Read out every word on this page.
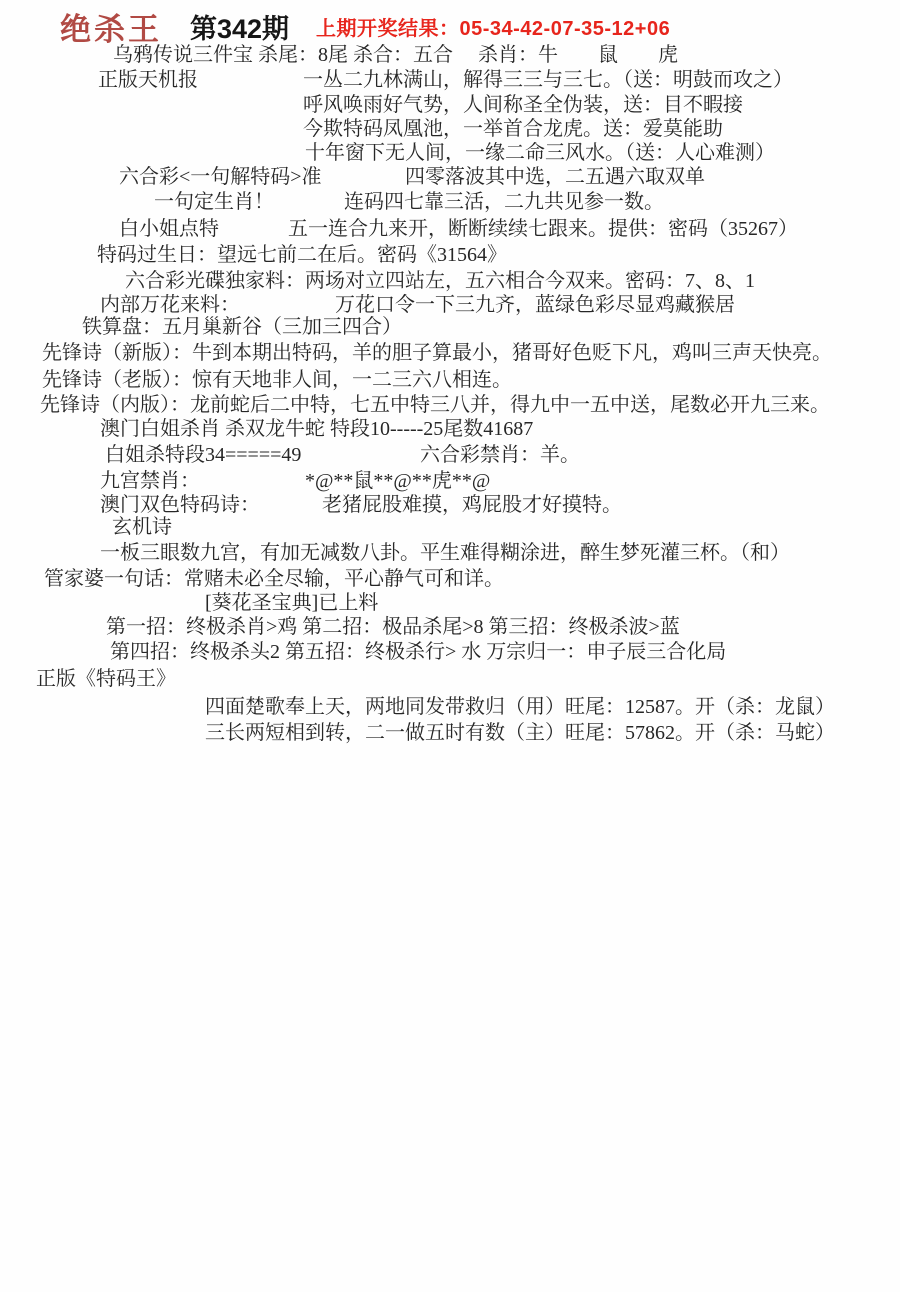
绝杀王 第342期 上期开奖结果：05-34-42-07-35-12+06
乌鸦传说三件宝 杀尾：8尾 杀合：五合　 杀肖：牛　　鼠　　虎
正版天机报	一丛二九林满山，解得三三与三七。（送：明鼓而攻之）
呼风唤雨好气势，人间称圣全伪装，送：目不暇接
今欺特码凤凰池，一举首合龙虎。送：爱莫能助
十年窗下无人间，一缘二命三风水。（送：人心难测）
六合彩<一句解特码>准	四零落波其中选，二五遇六取双单
一句定生肖！	连码四七靠三活，二九共见参一数。
白小姐点特	五一连合九来开，断断续续七跟来。提供：密码（35267）
特码过生日：望远七前二在后。密码《31564》
六合彩光碟独家料：两场对立四站左，五六相合今双来。密码：7、8、1
内部万花来料：	万花口令一下三九齐，蓝绿色彩尽显鸡藏猴居
铁算盘：五月巢新谷（三加三四合）
先锋诗（新版）：牛到本期出特码，羊的胆子算最小，猪哥好色贬下凡，鸡叫三声天快亮。
先锋诗（老版）：惊有天地非人间，一二三六八相连。
先锋诗（内版）：龙前蛇后二中特，七五中特三八并，得九中一五中送，尾数必开九三来。
澳门白姐杀肖 杀双龙牛蛇 特段10-----25尾数41687
白姐杀特段34=====49	六合彩禁肖：羊。
九宫禁肖：	*@**鼠**@**虎**@
澳门双色特码诗：	老猪屁股难摸，鸡屁股才好摸特。
玄机诗
一板三眼数九宫，有加无减数八卦。平生难得糊涂进，醉生梦死灌三杯。（和）
管家婆一句话：常赌未必全尽输，平心静气可和详。
[葵花圣宝典]已上料
第一招：终极杀肖>鸡 第二招：极品杀尾>8 第三招：终极杀波>蓝
第四招：终极杀头2 第五招：终极杀行> 水 万宗归一：申子辰三合化局
正版《特码王》
四面楚歌奉上天，两地同发带救归（用）旺尾：12587。开（杀：龙鼠）
三长两短相到转，二一做五时有数（主）旺尾：57862。开（杀：马蛇）
